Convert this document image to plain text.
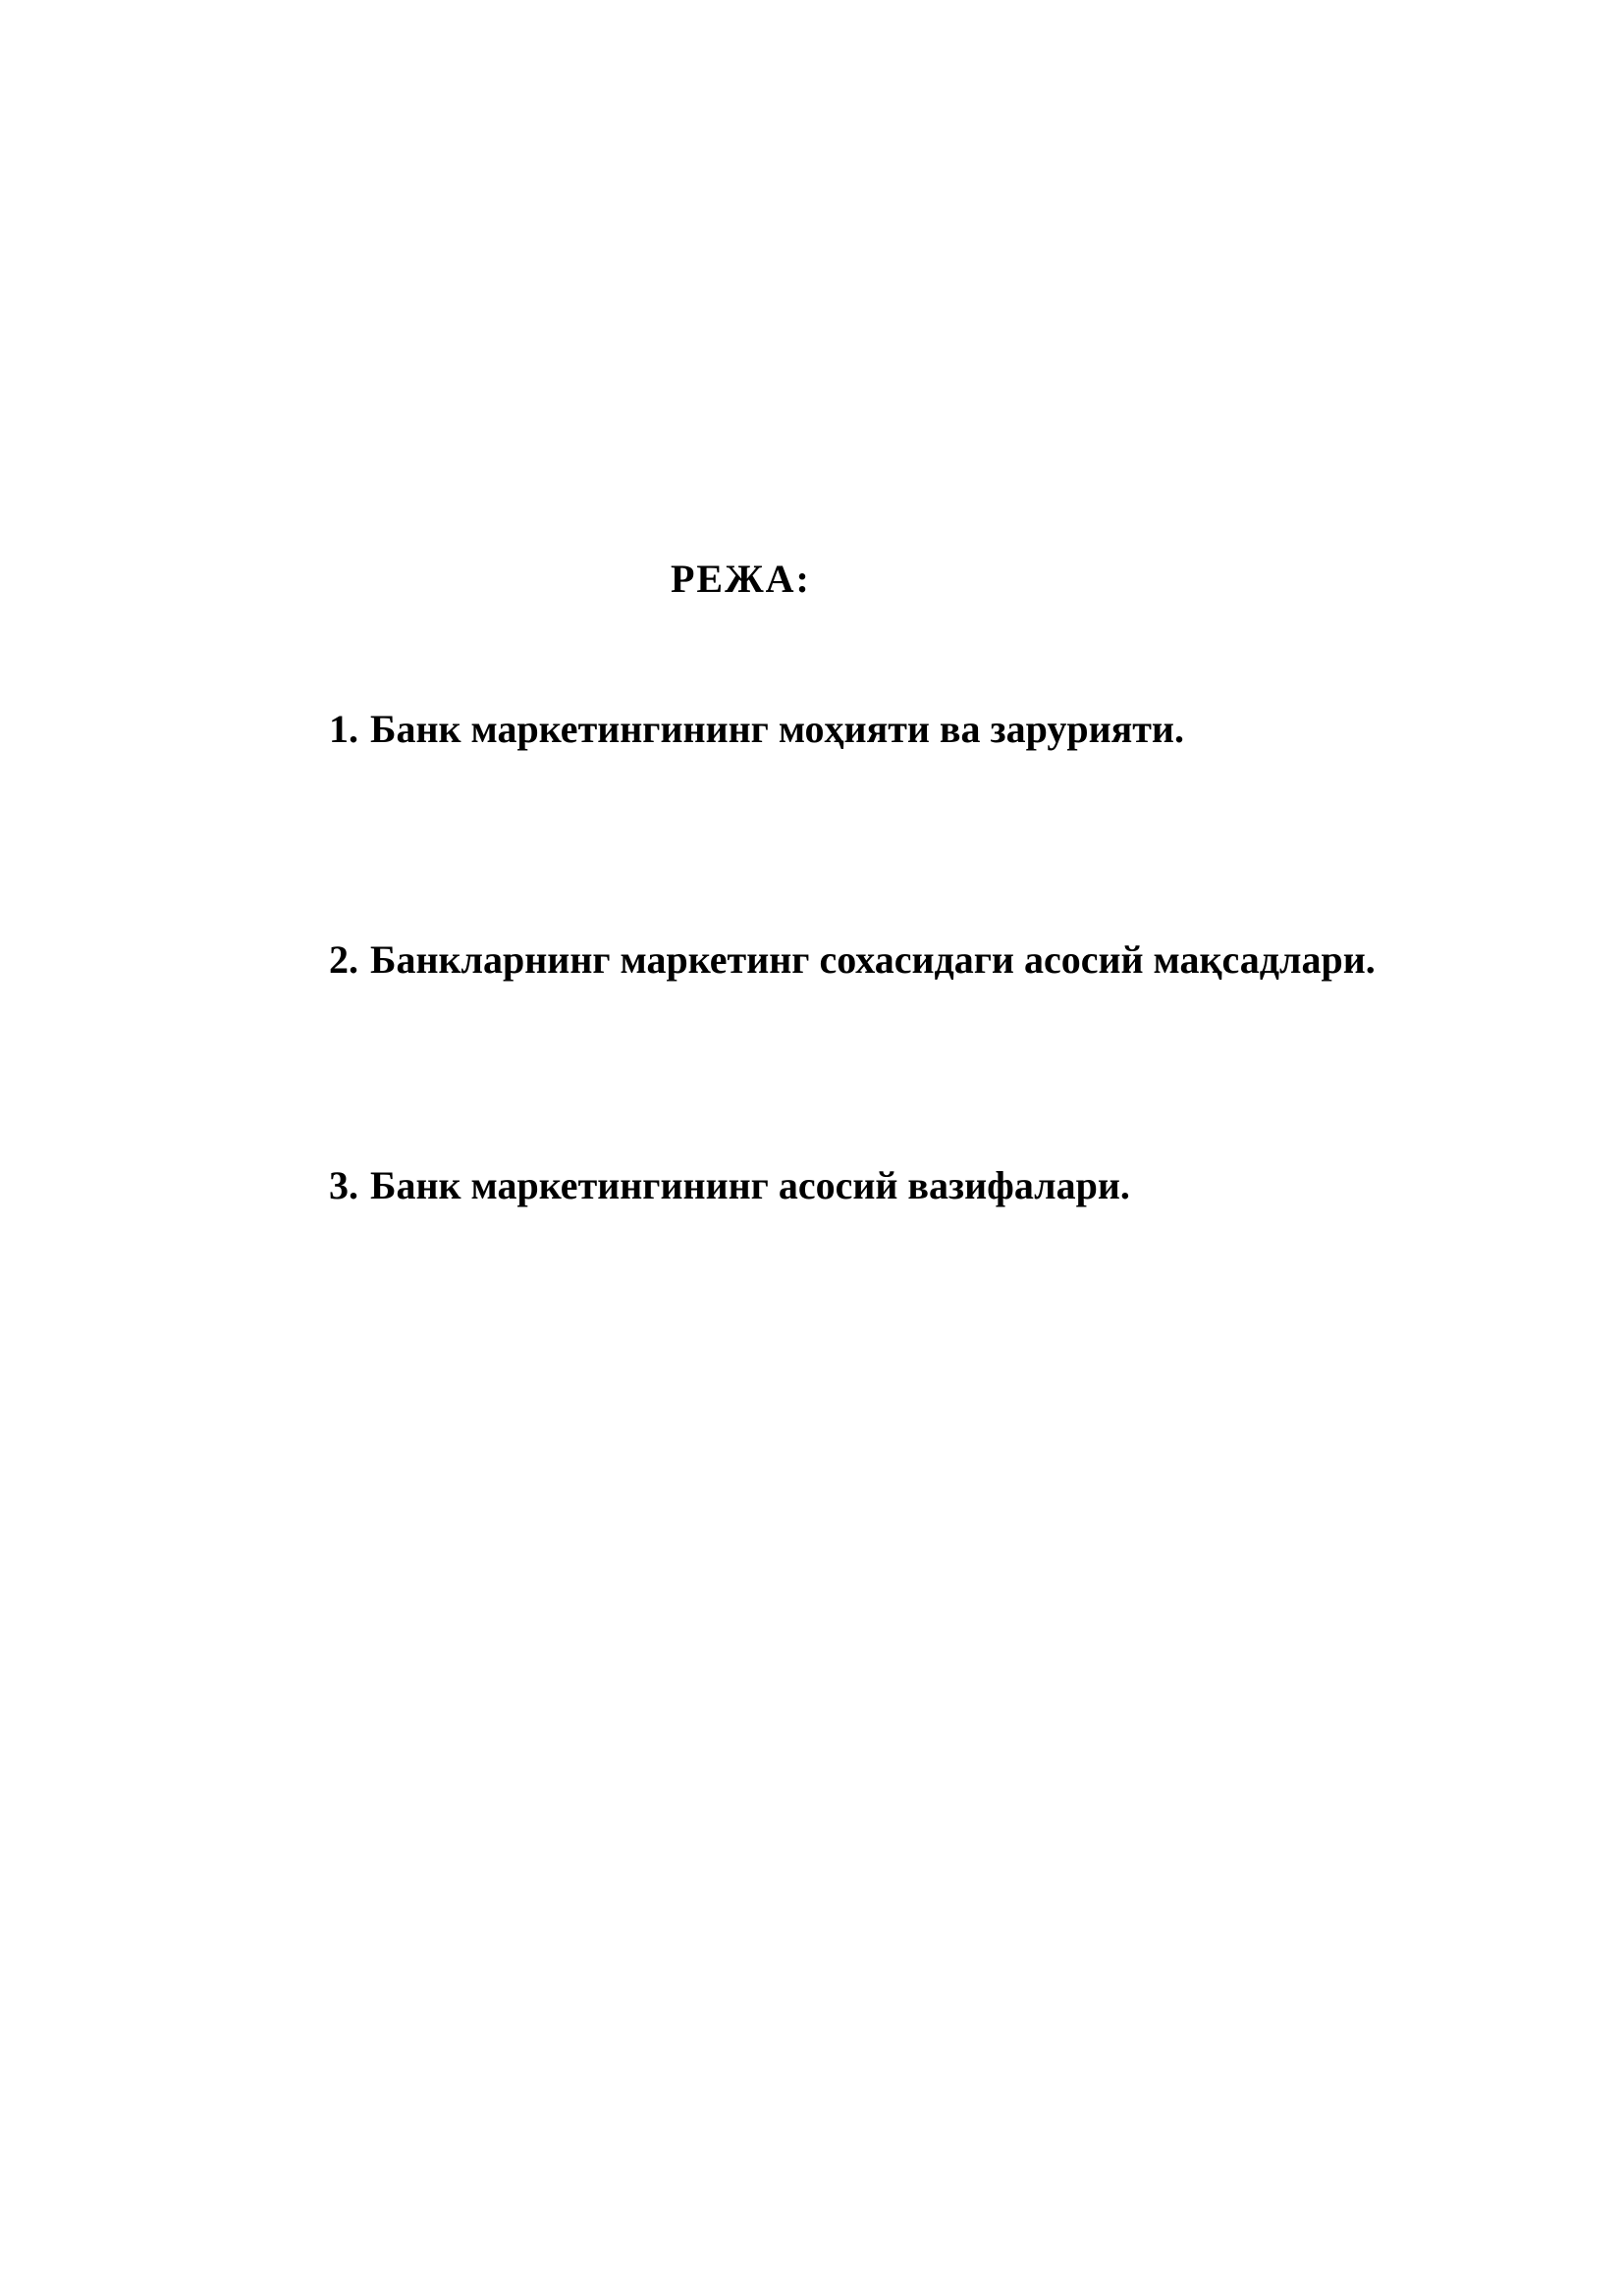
РЕЖА:
1. Банк маркетингининг моҳияти ва зарурияти.
2. Банкларнинг маркетинг сохасидаги асосий мақсадлари.
3. Банк маркетингининг асосий вазифалари.
